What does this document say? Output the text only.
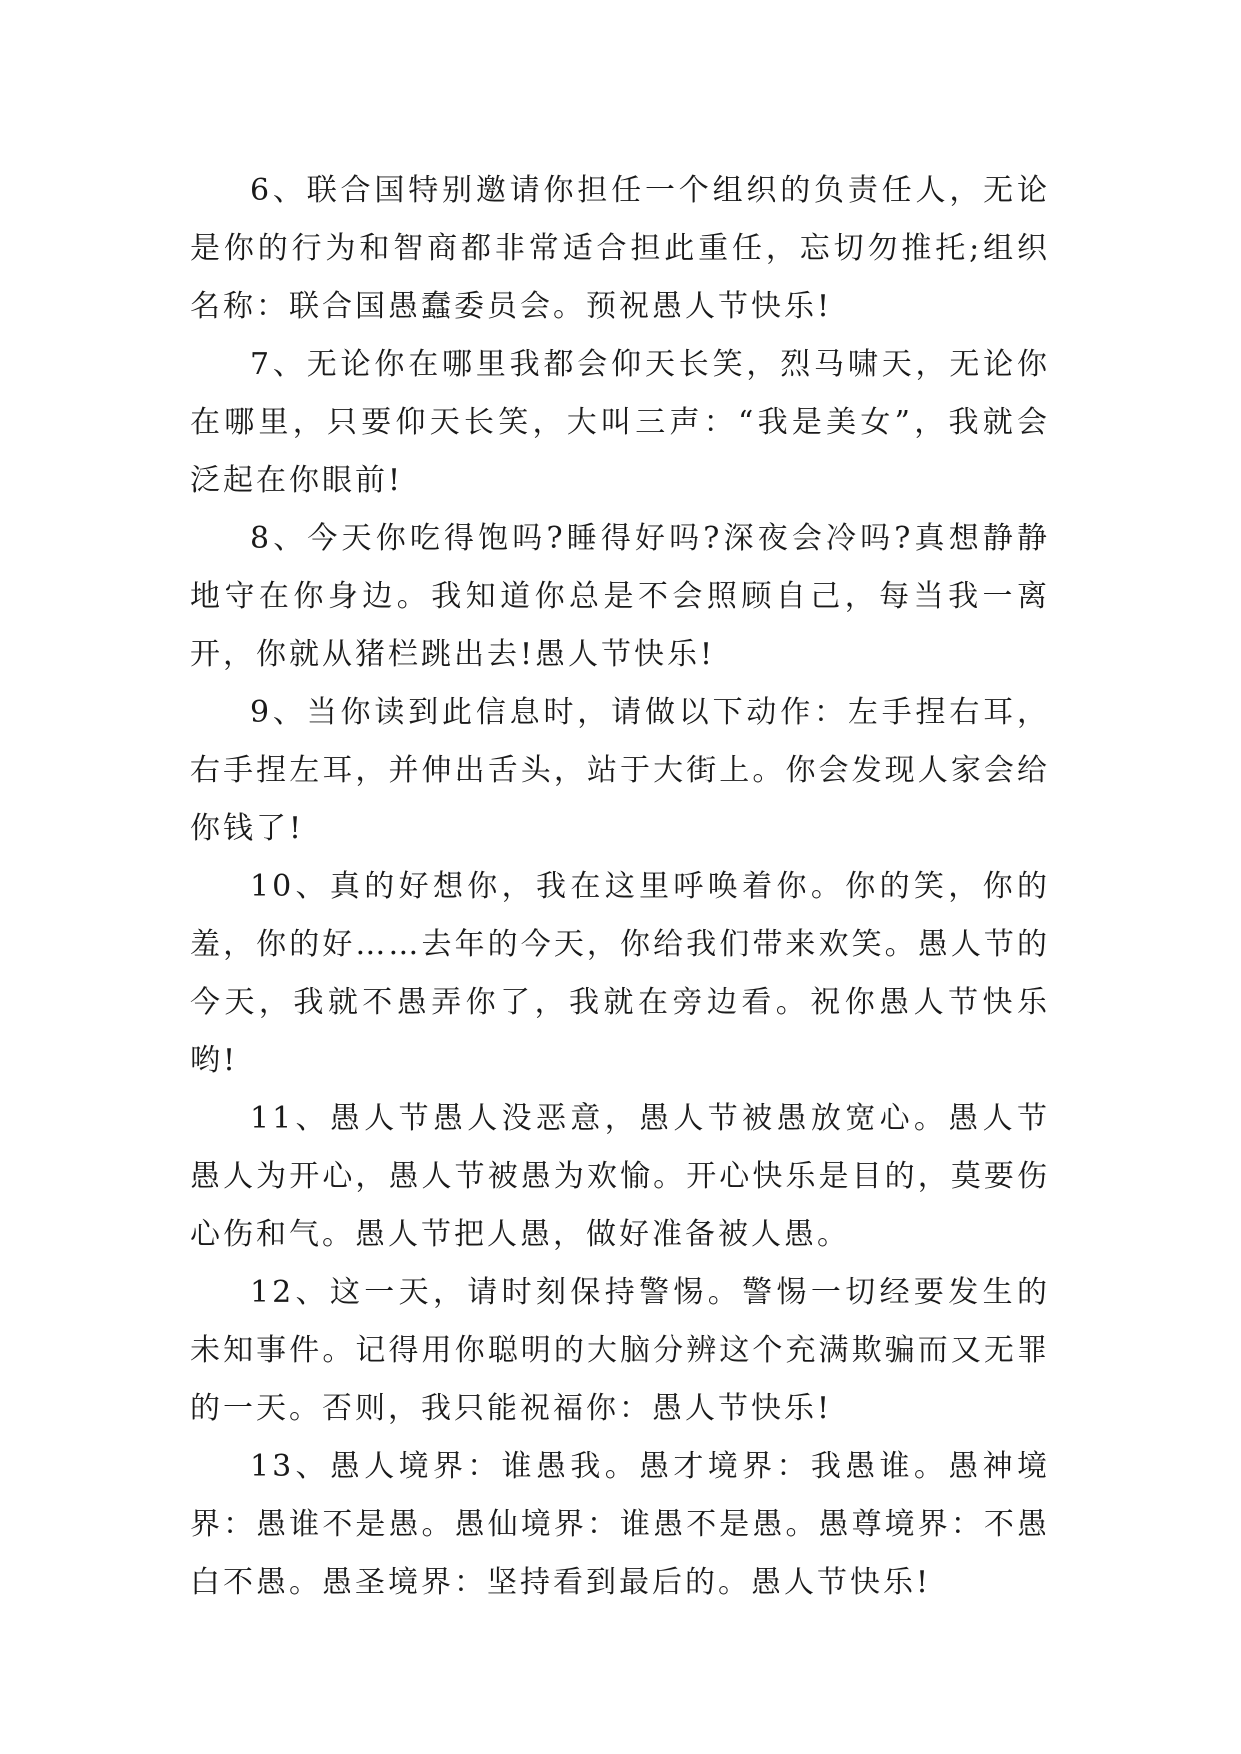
6、联合国特别邀请你担任一个组织的负责任人，无论是你的行为和智商都非常适合担此重任，忘切勿推托;组织名称：联合国愚蠢委员会。预祝愚人节快乐!

7、无论你在哪里我都会仰天长笑，烈马啸天，无论你在哪里，只要仰天长笑，大叫三声：“我是美女”，我就会泛起在你眼前!

8、今天你吃得饱吗?睡得好吗?深夜会冷吗?真想静静地守在你身边。我知道你总是不会照顾自己，每当我一离开，你就从猪栏跳出去!愚人节快乐!

9、当你读到此信息时，请做以下动作：左手捏右耳，右手捏左耳，并伸出舌头，站于大街上。你会发现人家会给你钱了!

10、真的好想你，我在这里呼唤着你。你的笑，你的羞，你的好……去年的今天，你给我们带来欢笑。愚人节的今天，我就不愚弄你了，我就在旁边看。祝你愚人节快乐哟!

11、愚人节愚人没恶意，愚人节被愚放宽心。愚人节愚人为开心，愚人节被愚为欢愉。开心快乐是目的，莫要伤心伤和气。愚人节把人愚，做好准备被人愚。

12、这一天，请时刻保持警惕。警惕一切经要发生的未知事件。记得用你聪明的大脑分辨这个充满欺骗而又无罪的一天。否则，我只能祝福你：愚人节快乐!

13、愚人境界：谁愚我。愚才境界：我愚谁。愚神境界：愚谁不是愚。愚仙境界：谁愚不是愚。愚尊境界：不愚白不愚。愚圣境界：坚持看到最后的。愚人节快乐!
